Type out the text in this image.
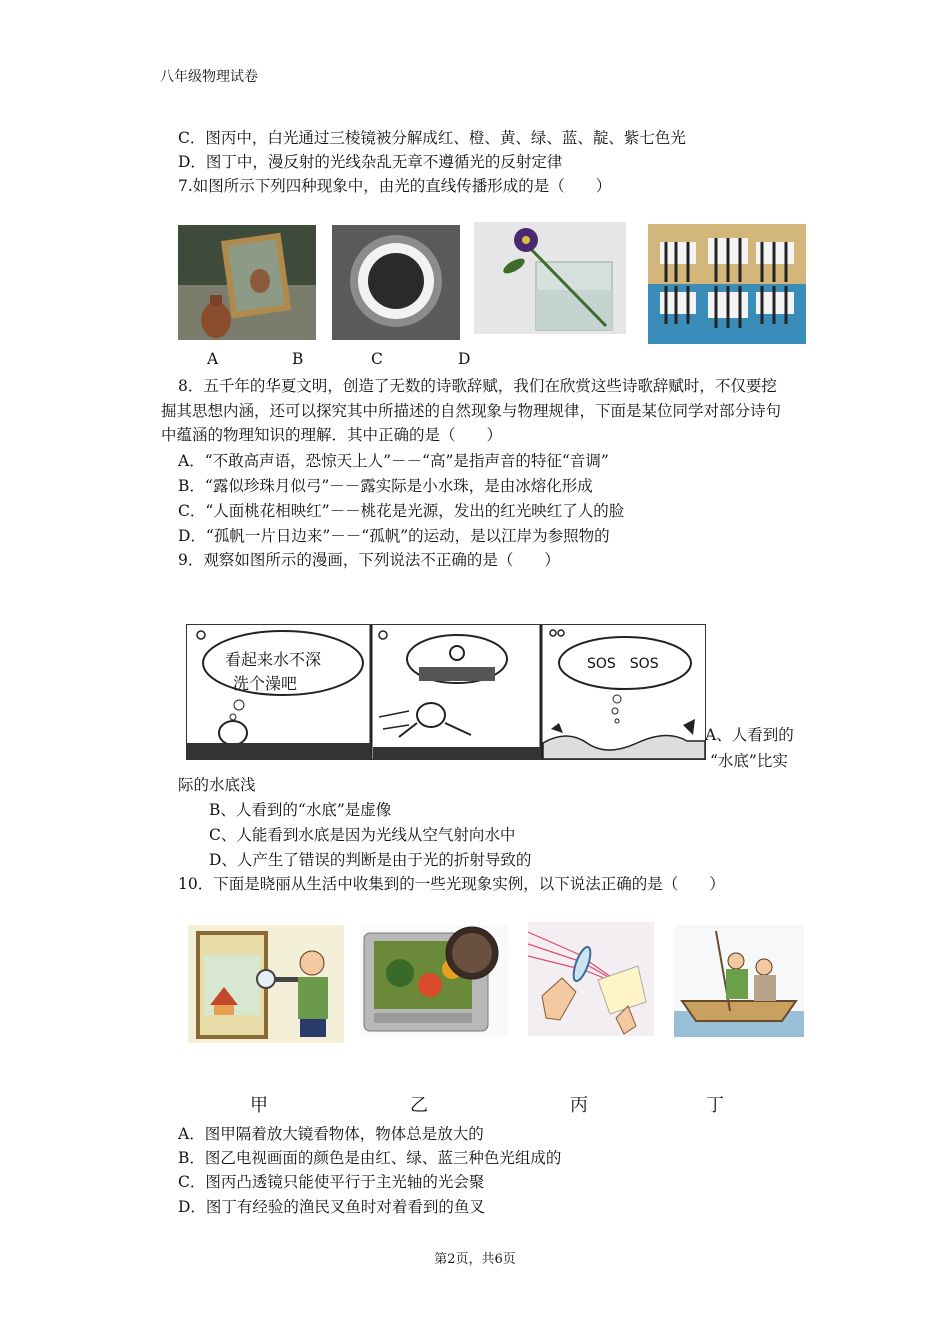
八年级物理试卷
C．图丙中，白光通过三棱镜被分解成红、橙、黄、绿、蓝、靛、紫七色光
D．图丁中，漫反射的光线杂乱无章不遵循光的反射定律
7.如图所示下列四种现象中，由光的直线传播形成的是（　　）
A	B	C	D
8．五千年的华夏文明，创造了无数的诗歌辞赋，我们在欣赏这些诗歌辞赋时，不仅要挖
掘其思想内涵，还可以探究其中所描述的自然现象与物理规律，下面是某位同学对部分诗句
中蕴涵的物理知识的理解．其中正确的是（　　）
A．“不敢高声语，恐惊天上人”－－“高”是指声音的特征“音调”
B．“露似珍珠月似弓”－－露实际是小水珠，是由冰熔化形成
C．“人面桃花相映红”－－桃花是光源，发出的红光映红了人的脸
D．“孤帆一片日边来”－－“孤帆”的运动，是以江岸为参照物的
9．观察如图所示的漫画，下列说法不正确的是（　　）
看起来水不深
洗个澡吧
SOS　SOS
A、人看到的
“水底”比实
际的水底浅
B、人看到的“水底”是虚像
C、人能看到水底是因为光线从空气射向水中
D、人产生了错误的判断是由于光的折射导致的
10．下面是晓丽从生活中收集到的一些光现象实例，以下说法正确的是（　　）
甲	乙	丙	丁
A．图甲隔着放大镜看物体，物体总是放大的
B．图乙电视画面的颜色是由红、绿、蓝三种色光组成的
C．图丙凸透镜只能使平行于主光轴的光会聚
D．图丁有经验的渔民叉鱼时对着看到的鱼叉
第2页，共6页
